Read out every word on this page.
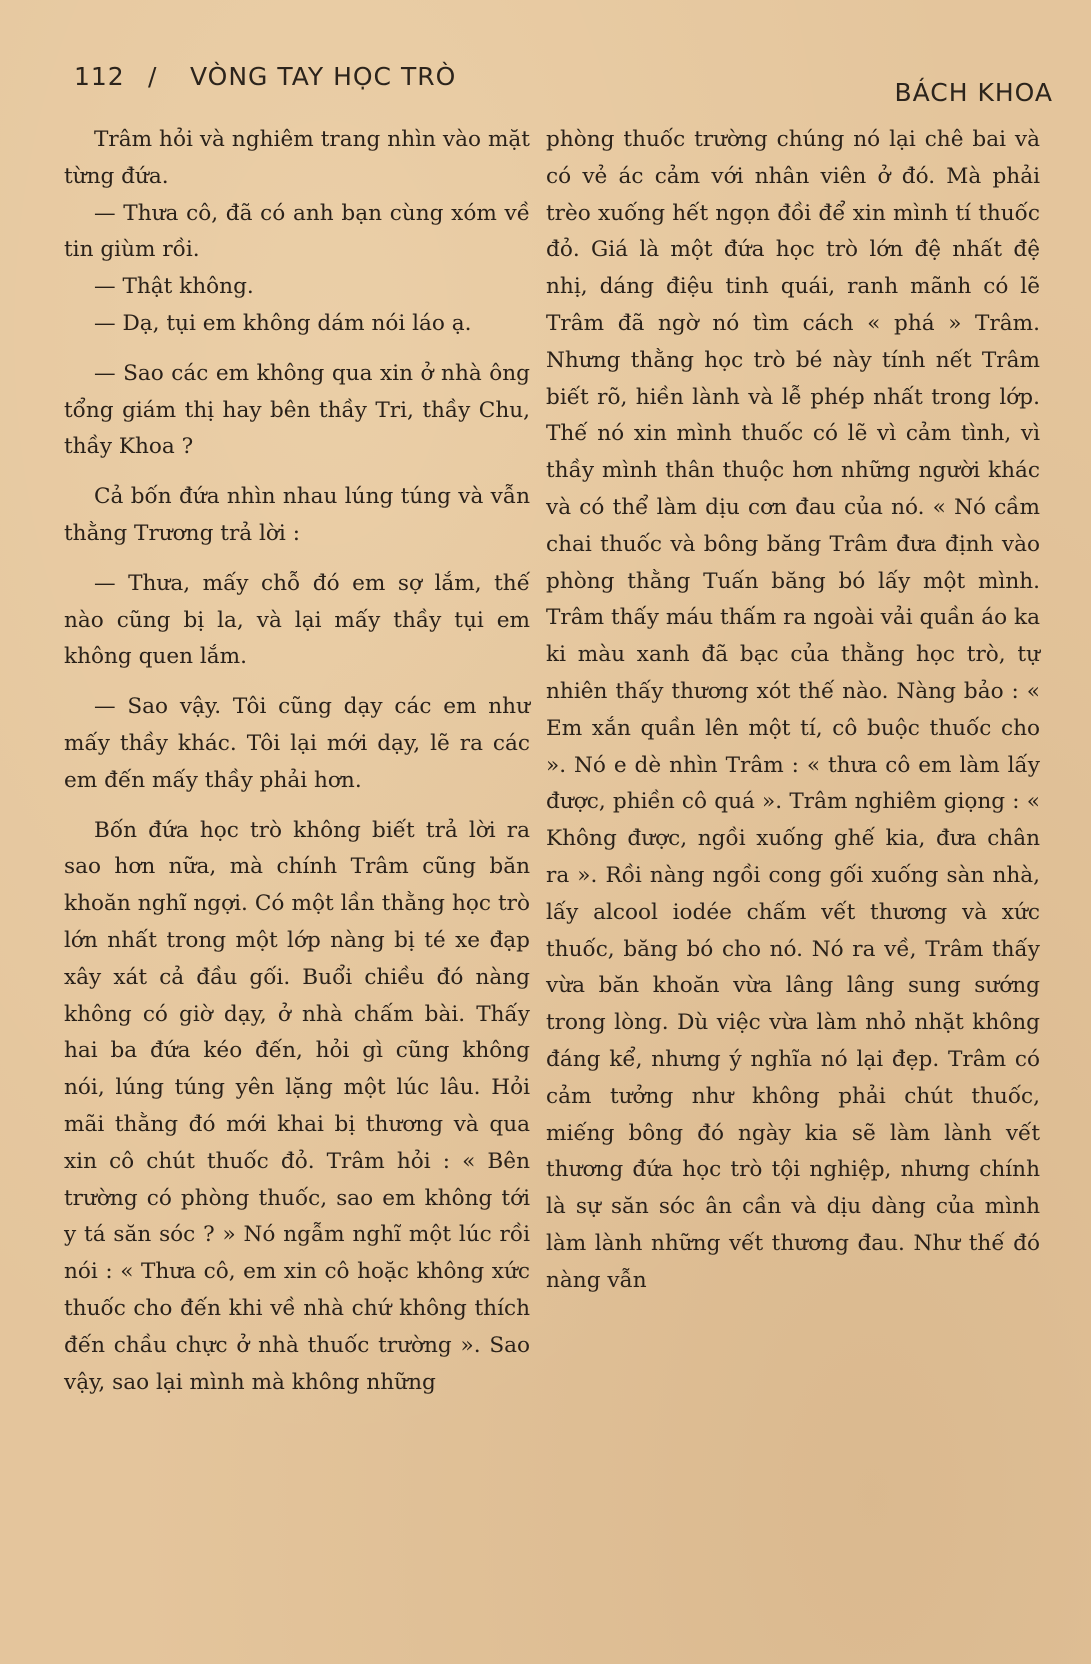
112 / VÒNG TAY HỌC TRÒ
BÁCH KHOA

Trâm hỏi và nghiêm trang nhìn vào mặt từng đứa.

— Thưa cô, đã có anh bạn cùng xóm về tin giùm rồi.

— Thật không.

— Dạ, tụi em không dám nói láo ạ.

— Sao các em không qua xin ở nhà ông tổng giám thị hay bên thầy Tri, thầy Chu, thầy Khoa ?

Cả bốn đứa nhìn nhau lúng túng và vẫn thằng Trương trả lời :

— Thưa, mấy chỗ đó em sợ lắm, thế nào cũng bị la, và lại mấy thầy tụi em không quen lắm.

— Sao vậy. Tôi cũng dạy các em như mấy thầy khác. Tôi lại mới dạy, lẽ ra các em đến mấy thầy phải hơn.

Bốn đứa học trò không biết trả lời ra sao hơn nữa, mà chính Trâm cũng băn khoăn nghĩ ngợi. Có một lần thằng học trò lớn nhất trong một lớp nàng bị té xe đạp xây xát cả đầu gối. Buổi chiều đó nàng không có giờ dạy, ở nhà chấm bài. Thấy hai ba đứa kéo đến, hỏi gì cũng không nói, lúng túng yên lặng một lúc lâu. Hỏi mãi thằng đó mới khai bị thương và qua xin cô chút thuốc đỏ. Trâm hỏi : « Bên trường có phòng thuốc, sao em không tới y tá săn sóc ? » Nó ngẫm nghĩ một lúc rồi nói : « Thưa cô, em xin cô hoặc không xức thuốc cho đến khi về nhà chứ không thích đến chầu chực ở nhà thuốc trường ». Sao vậy, sao lại mình mà không những

phòng thuốc trường chúng nó lại chê bai và có vẻ ác cảm với nhân viên ở đó. Mà phải trèo xuống hết ngọn đồi để xin mình tí thuốc đỏ. Giá là một đứa học trò lớn đệ nhất đệ nhị, dáng điệu tinh quái, ranh mãnh có lẽ Trâm đã ngờ nó tìm cách « phá » Trâm. Nhưng thằng học trò bé này tính nết Trâm biết rõ, hiền lành và lễ phép nhất trong lớp. Thế nó xin mình thuốc có lẽ vì cảm tình, vì thầy mình thân thuộc hơn những người khác và có thể làm dịu cơn đau của nó. « Nó cầm chai thuốc và bông băng Trâm đưa định vào phòng thằng Tuấn băng bó lấy một mình. Trâm thấy máu thấm ra ngoài vải quần áo ka ki màu xanh đã bạc của thằng học trò, tự nhiên thấy thương xót thế nào. Nàng bảo : « Em xắn quần lên một tí, cô buộc thuốc cho ». Nó e dè nhìn Trâm : « thưa cô em làm lấy được, phiền cô quá ». Trâm nghiêm giọng : « Không được, ngồi xuống ghế kia, đưa chân ra ». Rồi nàng ngồi cong gối xuống sàn nhà, lấy alcool iodée chấm vết thương và xức thuốc, băng bó cho nó. Nó ra về, Trâm thấy vừa băn khoăn vừa lâng lâng sung sướng trong lòng. Dù việc vừa làm nhỏ nhặt không đáng kể, nhưng ý nghĩa nó lại đẹp. Trâm có cảm tưởng như không phải chút thuốc, miếng bông đó ngày kia sẽ làm lành vết thương đứa học trò tội nghiệp, nhưng chính là sự săn sóc ân cần và dịu dàng của mình làm lành những vết thương đau. Như thế đó nàng vẫn
